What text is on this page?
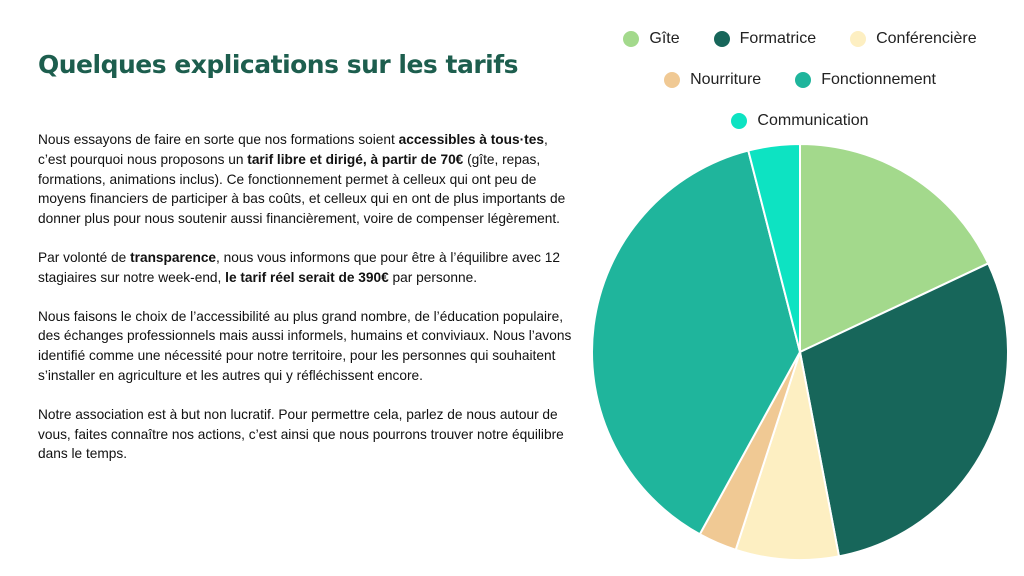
Quelques explications sur les tarifs

Nous essayons de faire en sorte que nos formations soient accessibles à tous·tes, c’est pourquoi nous proposons un tarif libre et dirigé, à partir de 70€ (gîte, repas, formations, animations inclus). Ce fonctionnement permet à celleux qui ont peu de moyens financiers de participer à bas coûts, et celleux qui en ont de plus importants de donner plus pour nous soutenir aussi financièrement, voire de compenser légèrement.

Par volonté de transparence, nous vous informons que pour être à l’équilibre avec 12 stagiaires sur notre week-end, le tarif réel serait de 390€ par personne.

Nous faisons le choix de l’accessibilité au plus grand nombre, de l’éducation populaire, des échanges professionnels mais aussi informels, humains et conviviaux. Nous l’avons identifié comme une nécessité pour notre territoire, pour les personnes qui souhaitent s’installer en agriculture et les autres qui y réfléchissent encore.

Notre association est à but non lucratif. Pour permettre cela, parlez de nous autour de vous, faites connaître nos actions, c’est ainsi que nous pourrons trouver notre équilibre dans le temps.

Gîte	Formatrice	Conférencière
Nourriture	Fonctionnement
Communication
